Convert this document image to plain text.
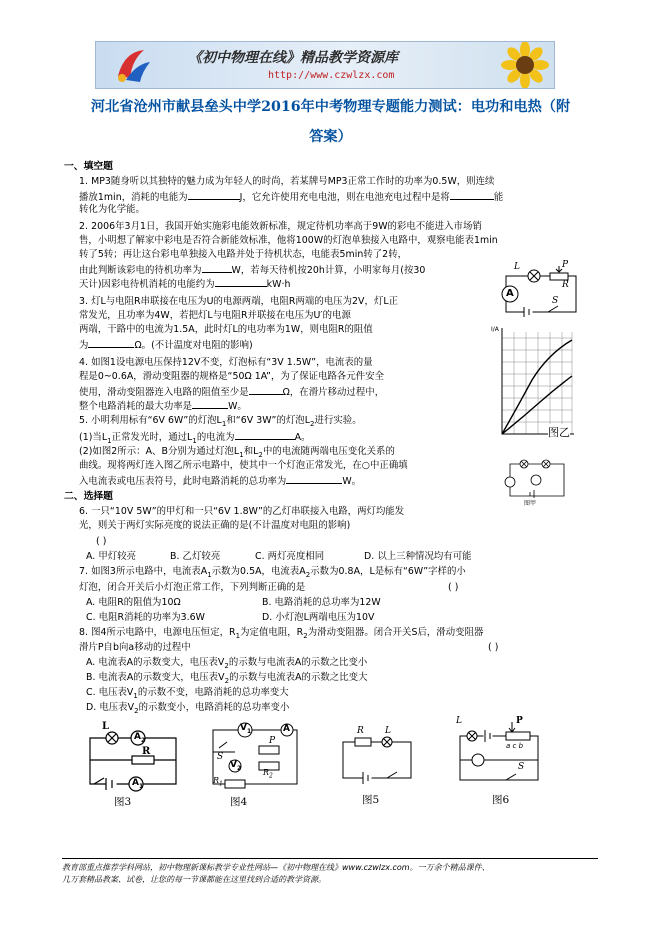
《初中物理在线》精品教学资源库
http://www.czwlzx.com
河北省沧州市献县垒头中学2016年中考物理专题能力测试：电功和电热（附
答案）
一、填空题
1. MP3随身听以其独特的魅力成为年轻人的时尚，若某牌号MP3正常工作时的功率为0.5W，则连续
播放1min，消耗的电能为	J，它允许使用充电电池，则在电池充电过程中是将	能
转化为化学能。
2. 2006年3月1日，我国开始实施彩电能效新标准，规定待机功率高于9W的彩电不能进入市场销
售，小明想了解家中彩电是否符合新能效标准，他将100W的灯泡单独接入电路中，观察电能表1min
转了5转；再让这台彩电单独接入电路并处于待机状态，电能表5min转了2转，
由此判断该彩电的待机功率为	W，若每天待机按20h计算，小明家每月(按30
天计)因彩电待机消耗的电能约为	kW·h
L	P
R
A
S
3. 灯L与电阻R串联接在电压为U的电源两端，电阻R两端的电压为2V，灯L正
常发光，且功率为4W，若把灯L与电阻R并联接在电压为U′的电源
两端，干路中的电流为1.5A，此时灯L的电功率为1W，则电阻R的阻值
为	Ω。(不计温度对电阻的影响)
I/A
图乙
4. 如图1设电源电压保持12V不变，灯泡标有“3V 1.5W”，电流表的量
程是0~0.6A，滑动变阻器的规格是“50Ω 1A”，为了保证电路各元件安全
使用，滑动变阻器连入电路的阻值至少是	Ω，在滑片移动过程中，
整个电路消耗的最大功率是	W。
5. 小明利用标有“6V 6W”的灯泡$L_1$和“6V 3W”的灯泡$L_2$进行实验。
(1)当$L_1$正常发光时，通过$L_1$的电流为	A。
(2)如图2所示：A、B分别为通过灯泡$L_1$和$L_2$中的电流随两端电压变化关系的
曲线。现将两灯连入图乙所示电路中，使其中一个灯泡正常发光，在○中正确填
入电流表或电压表符号，此时电路消耗的总功率为	W。
图甲
二、选择题
6. 一只“10V 5W”的甲灯和一只“6V 1.8W”的乙灯串联接入电路，两灯均能发
光，则关于两灯实际亮度的说法正确的是(不计温度对电阻的影响)
( )
A. 甲灯较亮	B. 乙灯较亮	C. 两灯亮度相同	D. 以上三种情况均有可能
7. 如图3所示电路中，电流表$A_1$示数为0.5A，电流表$A_2$示数为0.8A，L是标有“6W”字样的小
灯泡，闭合开关后小灯泡正常工作，下列判断正确的是	( )
A. 电阻R的阻值为10Ω	B. 电路消耗的总功率为12W
C. 电阻R消耗的功率为3.6W	D. 小灯泡L两端电压为10V
8. 图4所示电路中，电源电压恒定，$R_1$为定值电阻，$R_2$为滑动变阻器。闭合开关S后，滑动变阻器
滑片P自b向a移动的过程中	( )
A. 电流表A的示数变大，电压表$V_2$的示数与电流表A的示数之比变小
B. 电流表A的示数变大，电压表$V_2$的示数与电流表A的示数之比变大
C. 电压表$V_1$的示数不变，电路消耗的总功率变大
D. 电压表$V_2$的示数变小，电路消耗的总功率变小
L
$A_2$
R
$A_1$
图3
$V_1$	A
$V_2$
P
S
$R_2$
$R_1$
图4
R L
图5
L	P
a c b
S
图6
教育部重点推荐学科网站，初中物理新课标教学专业性网站—《初中物理在线》www.czwlzx.com。一万余个精品课件、
几万套精品教案、试卷，让您的每一节课都能在这里找到合适的教学资源。
